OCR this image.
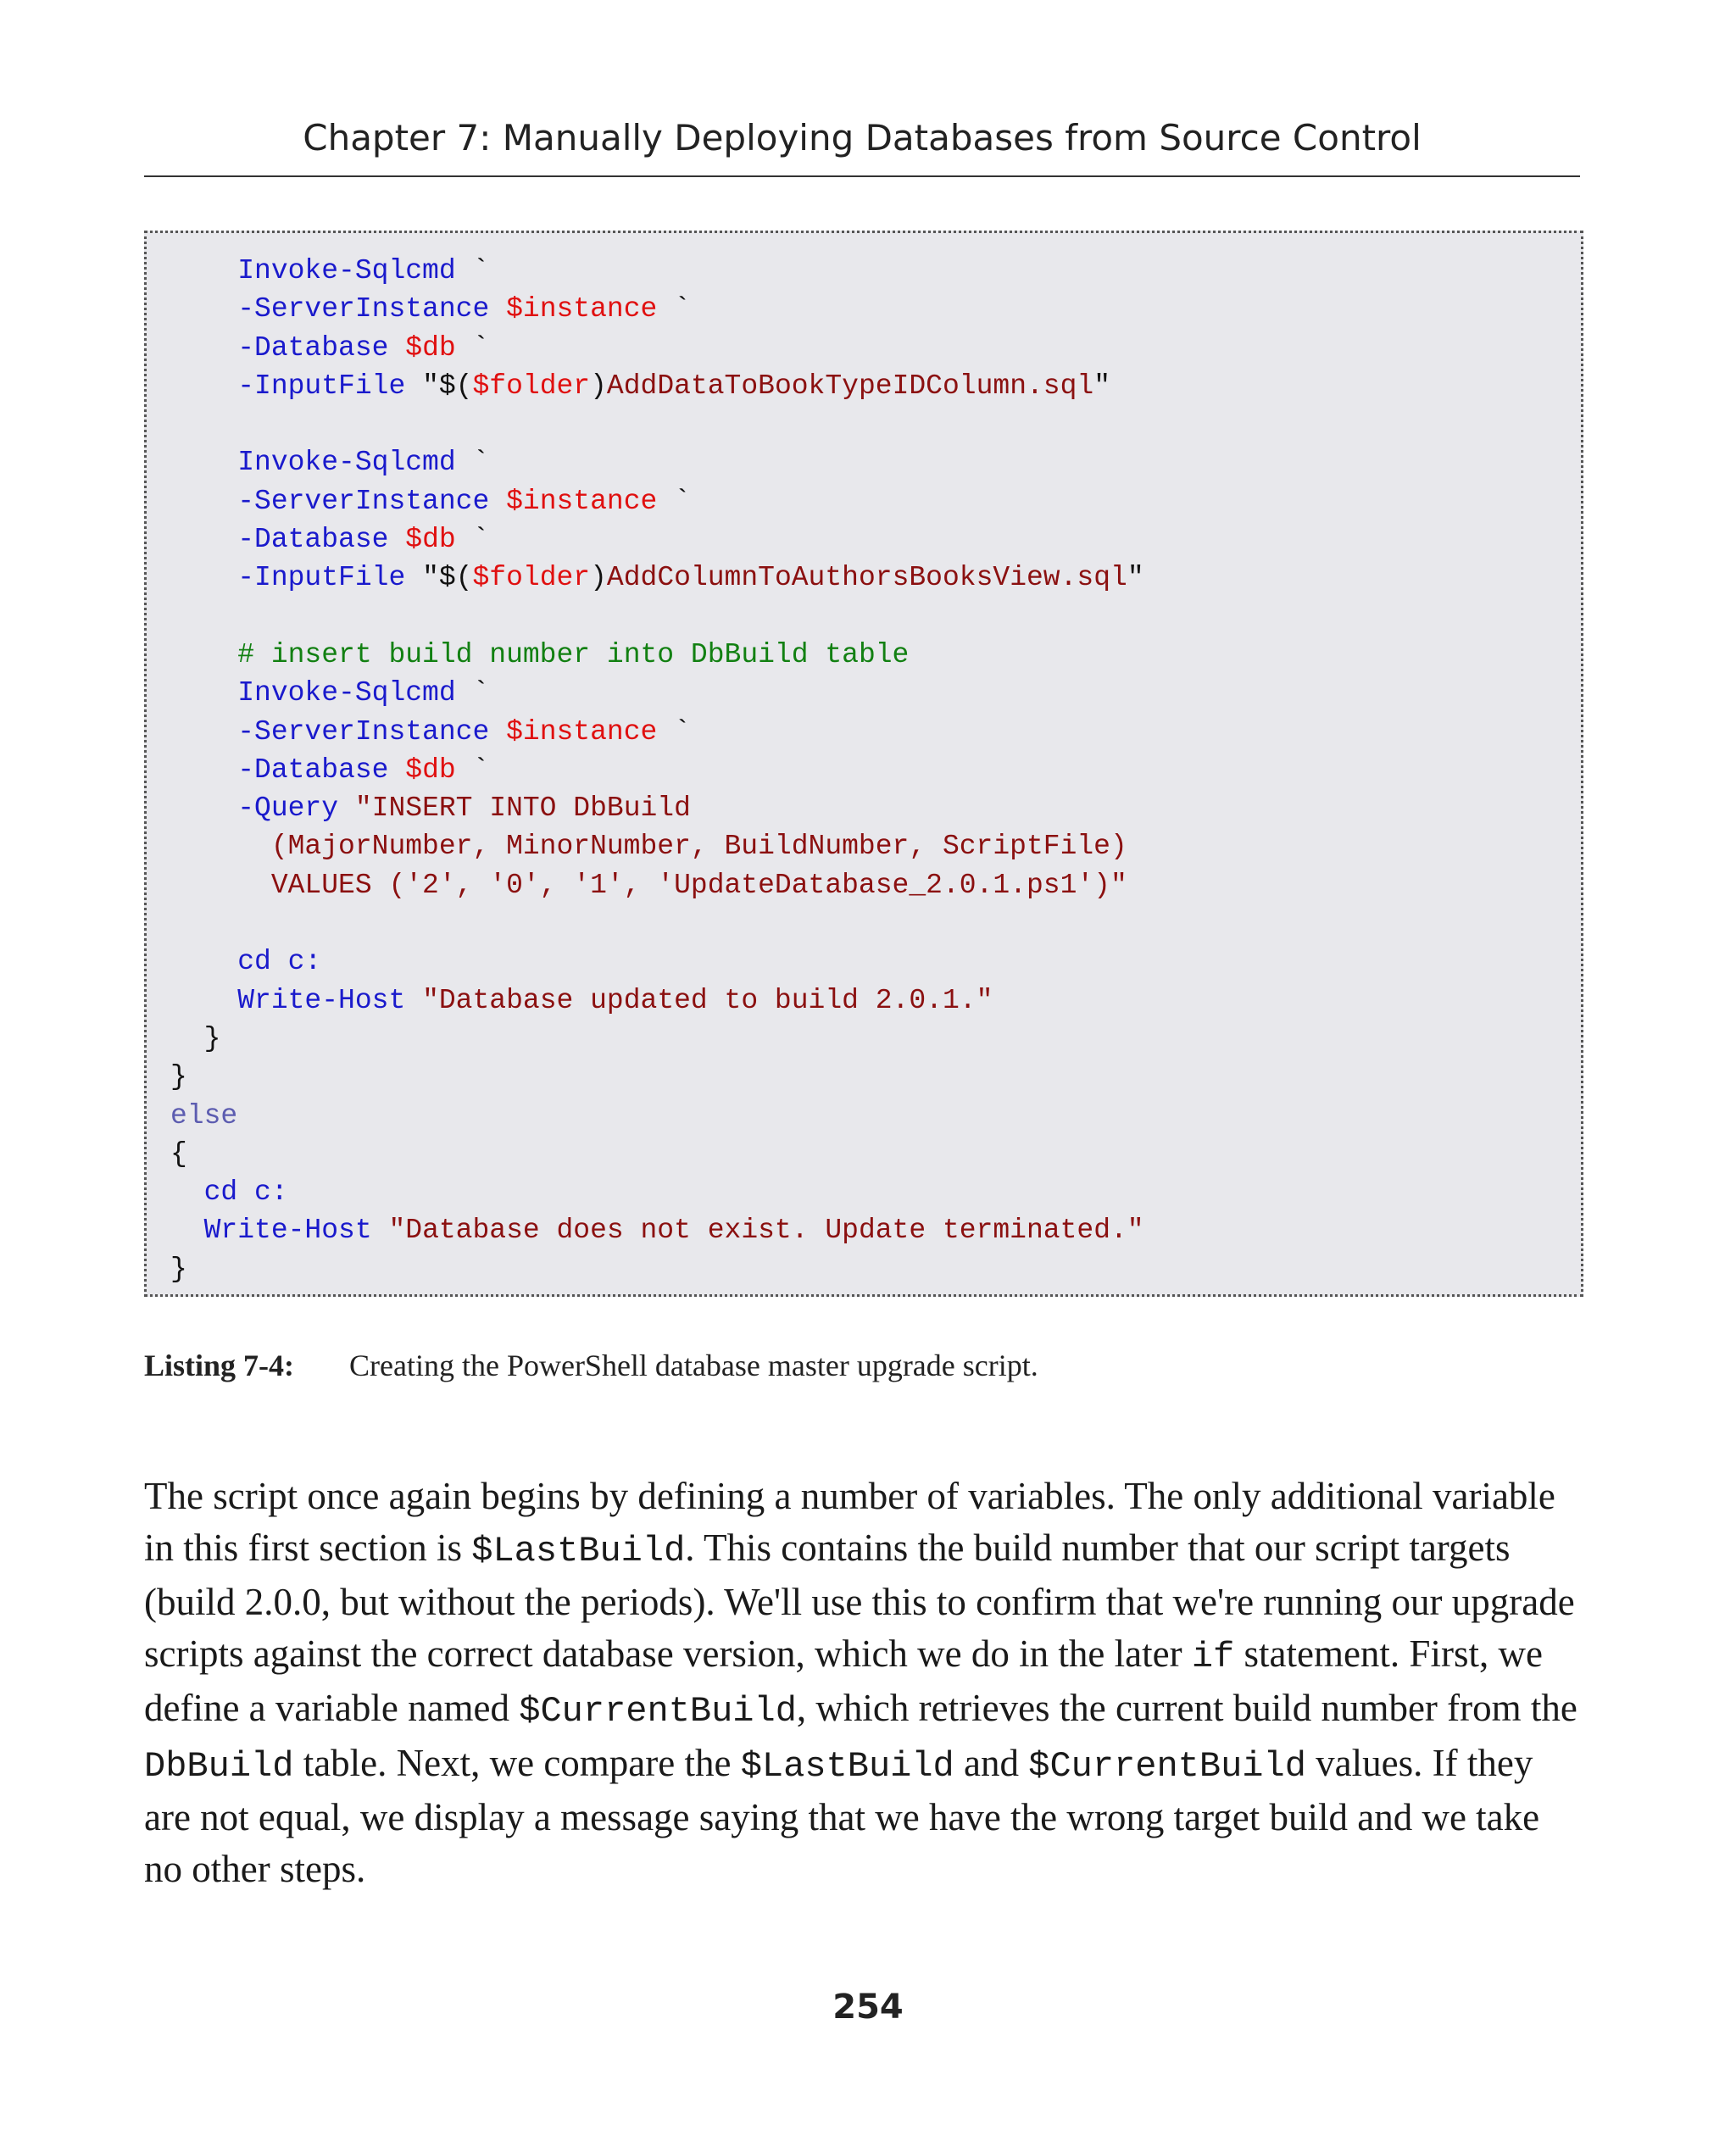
Chapter 7: Manually Deploying Databases from Source Control
Invoke-Sqlcmd `
-ServerInstance $instance `
-Database $db `
-InputFile "$($folder)AddDataToBookTypeIDColumn.sql"
Invoke-Sqlcmd `
-ServerInstance $instance `
-Database $db `
-InputFile "$($folder)AddColumnToAuthorsBooksView.sql"
# insert build number into DbBuild table
Invoke-Sqlcmd `
-ServerInstance $instance `
-Database $db `
-Query "INSERT INTO DbBuild
(MajorNumber, MinorNumber, BuildNumber, ScriptFile)
VALUES ('2', '0', '1', 'UpdateDatabase_2.0.1.ps1')"
cd c:
Write-Host "Database updated to build 2.0.1."
}
}
else
{
cd c:
Write-Host "Database does not exist. Update terminated."
}
Listing 7-4: Creating the PowerShell database master upgrade script.

The script once again begins by defining a number of variables. The only additional variable in this first section is $LastBuild. This contains the build number that our script targets (build 2.0.0, but without the periods). We'll use this to confirm that we're running our upgrade scripts against the correct database version, which we do in the later if statement. First, we define a variable named $CurrentBuild, which retrieves the current build number from the DbBuild table. Next, we compare the $LastBuild and $CurrentBuild values. If they are not equal, we display a message saying that we have the wrong target build and we take no other steps.

254
